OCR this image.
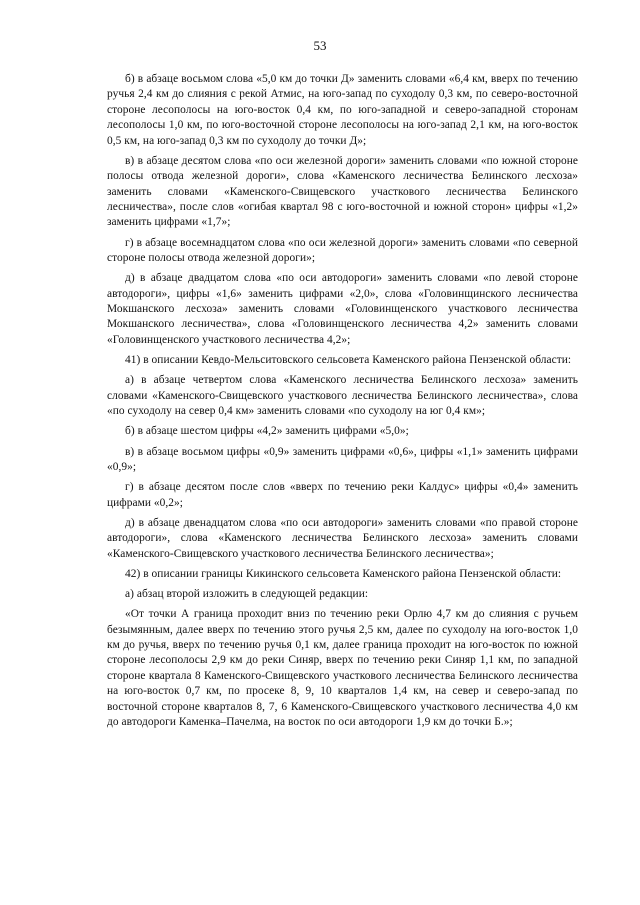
53

б) в абзаце восьмом слова «5,0 км до точки Д» заменить словами «6,4 км, вверх по течению ручья 2,4 км до слияния с рекой Атмис, на юго-запад по суходолу 0,3 км, по северо-восточной стороне лесополосы на юго-восток 0,4 км, по юго-западной и северо-западной сторонам лесополосы 1,0 км, по юго-восточной стороне лесополосы на юго-запад 2,1 км, на юго-восток 0,5 км, на юго-запад 0,3 км по суходолу до точки Д»;

в) в абзаце десятом слова «по оси железной дороги» заменить словами «по южной стороне полосы отвода железной дороги», слова «Каменского лесничества Белинского лесхоза» заменить словами «Каменского-Свищевского участкового лесничества Белинского лесничества», после слов «огибая квартал 98 с юго-восточной и южной сторон» цифры «1,2» заменить цифрами «1,7»;

г) в абзаце восемнадцатом слова «по оси железной дороги» заменить словами «по северной стороне полосы отвода железной дороги»;

д) в абзаце двадцатом слова «по оси автодороги» заменить словами «по левой стороне автодороги», цифры «1,6» заменить цифрами «2,0», слова «Головинщинского лесничества Мокшанского лесхоза» заменить словами «Головинщенского участкового лесничества Мокшанского лесничества», слова «Головинщенского лесничества 4,2» заменить словами «Головинщенского участкового лесничества 4,2»;

41) в описании Кевдо-Мельситовского сельсовета Каменского района Пензенской области:

а) в абзаце четвертом слова «Каменского лесничества Белинского лесхоза» заменить словами «Каменского-Свищевского участкового лесничества Белинского лесничества», слова «по суходолу на север 0,4 км» заменить словами «по суходолу на юг 0,4 км»;

б) в абзаце шестом цифры «4,2» заменить цифрами «5,0»;

в) в абзаце восьмом цифры «0,9» заменить цифрами «0,6», цифры «1,1» заменить цифрами «0,9»;

г) в абзаце десятом после слов «вверх по течению реки Калдус» цифры «0,4» заменить цифрами «0,2»;

д) в абзаце двенадцатом слова «по оси автодороги» заменить словами «по правой стороне автодороги», слова «Каменского лесничества Белинского лесхоза» заменить словами «Каменского-Свищевского участкового лесничества Белинского лесничества»;

42) в описании границы Кикинского сельсовета Каменского района Пензенской области:

а) абзац второй изложить в следующей редакции:

«От точки А граница проходит вниз по течению реки Орлю 4,7 км до слияния с ручьем безымянным, далее вверх по течению этого ручья 2,5 км, далее по суходолу на юго-восток 1,0 км до ручья, вверх по течению ручья 0,1 км, далее граница проходит на юго-восток по южной стороне лесополосы 2,9 км до реки Синяр, вверх по течению реки Синяр 1,1 км, по западной стороне квартала 8 Каменского-Свищевского участкового лесничества Белинского лесничества на юго-восток 0,7 км, по просеке 8, 9, 10 кварталов 1,4 км, на север и северо-запад по восточной стороне кварталов 8, 7, 6 Каменского-Свищевского участкового лесничества 4,0 км до автодороги Каменка–Пачелма, на восток по оси автодороги 1,9 км до точки Б.»;
